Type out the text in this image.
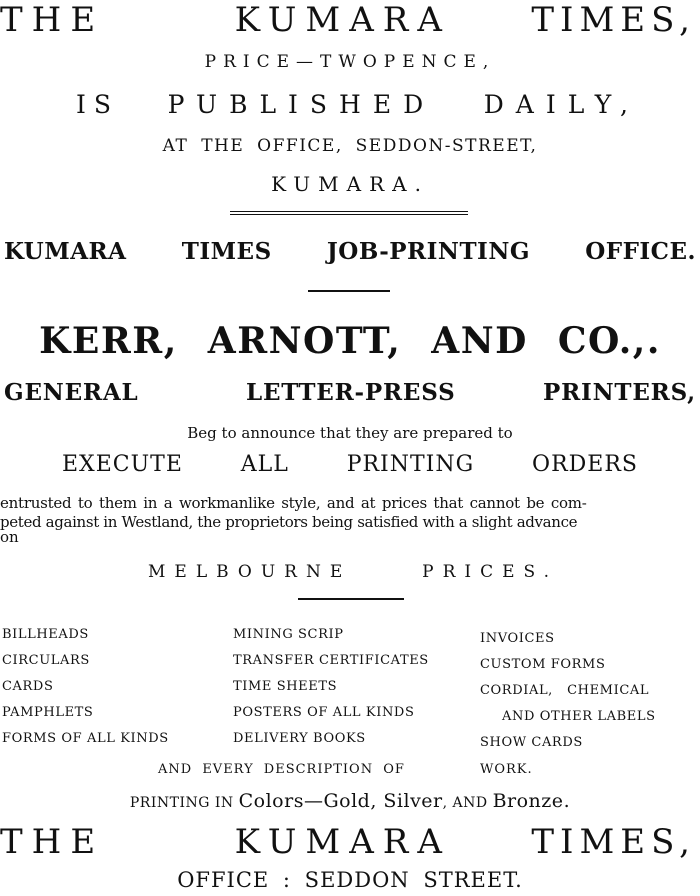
THE	KUMARA TIMES,
PRICE—TWOPENCE,
IS PUBLISHED DAILY,
AT THE OFFICE, SEDDON-STREET,
KUMARA.
KUMARA TIMES JOB-PRINTING OFFICE.
KERR, ARNOTT, AND CO.,.
GENERAL	LETTER-PRESS	PRINTERS,
Beg to announce that they are prepared to
EXECUTE	ALL	PRINTING	ORDERS
entrusted to them in a workmanlike style, and at prices that cannot be com-
peted against in Westland, the proprietors being satisfied with a slight advance
on
MELBOURNE	PRICES.
BILLHEADS
CIRCULARS
CARDS
PAMPHLETS
FORMS OF ALL KINDS
MINING SCRIP
TRANSFER CERTIFICATES
TIME SHEETS
POSTERS OF ALL KINDS
DELIVERY BOOKS
INVOICES
CUSTOM FORMS
CORDIAL,   CHEMICAL
AND OTHER LABELS
SHOW CARDS
AND EVERY DESCRIPTION OF	WORK.
PRINTING IN Colors—Gold, Silver, AND Bronze.
THE	KUMARA TIMES,
OFFICE : SEDDON STREET.
